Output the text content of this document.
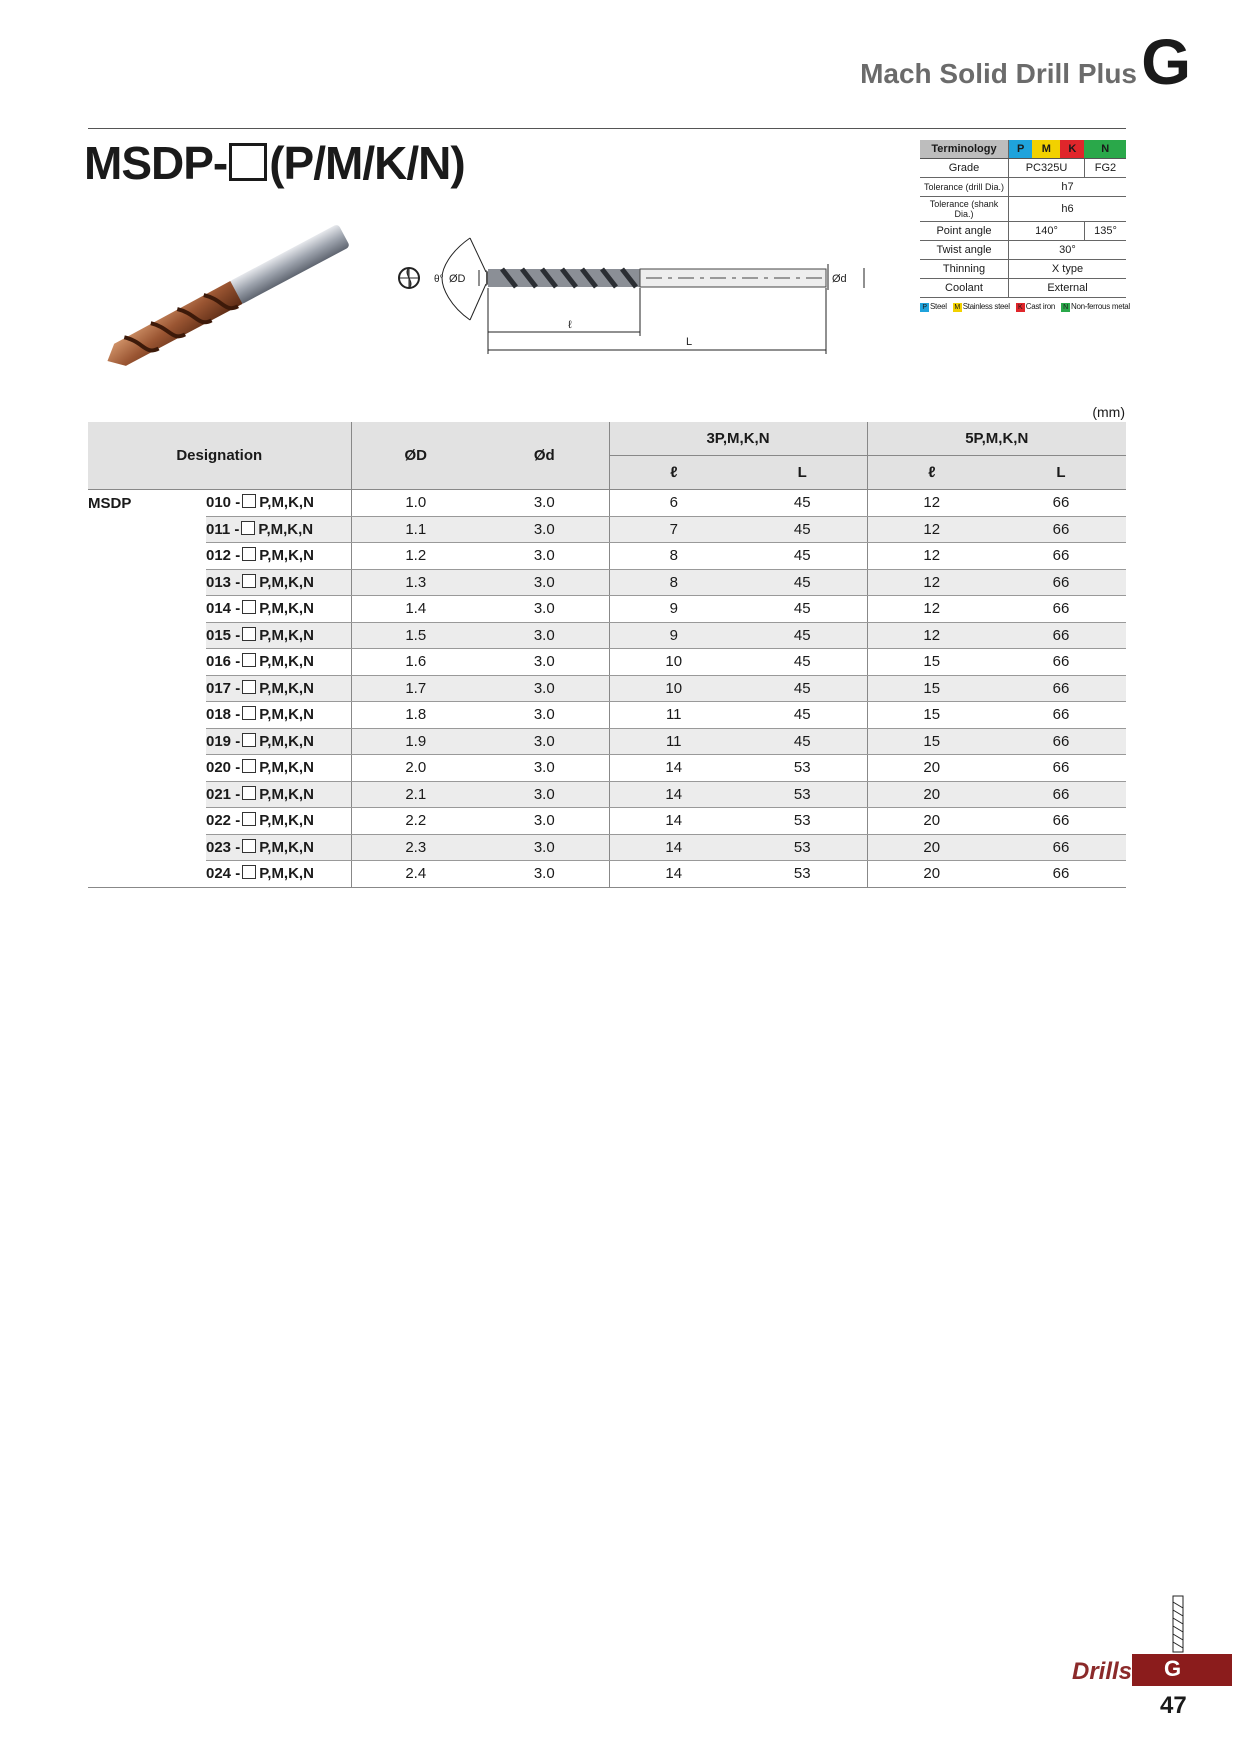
Mach Solid Drill Plus G
MSDP- (P/M/K/N)
θ° ØD	Ød
ℓ
L
Terminology	P	M	K	N
Grade	PC325U			FG2
Tolerance (drill Dia.)	h7			
Tolerance (shank Dia.)	h6			
Point angle	140°			135°
Twist angle	30°			
Thinning	X type			
Coolant	External			
P Steel M Stainless steel K Cast iron N Non-ferrous metal
(mm)
Designation		ØD	Ød	3P,M,K,N		5P,M,K,N	
				ℓ	L	ℓ	L
MSDP	010 - P,M,K,N	1.0	3.0	6	45	12	66
	011 - P,M,K,N	1.1	3.0	7	45	12	66
	012 - P,M,K,N	1.2	3.0	8	45	12	66
	013 - P,M,K,N	1.3	3.0	8	45	12	66
	014 - P,M,K,N	1.4	3.0	9	45	12	66
	015 - P,M,K,N	1.5	3.0	9	45	12	66
	016 - P,M,K,N	1.6	3.0	10	45	15	66
	017 - P,M,K,N	1.7	3.0	10	45	15	66
	018 - P,M,K,N	1.8	3.0	11	45	15	66
	019 - P,M,K,N	1.9	3.0	11	45	15	66
	020 - P,M,K,N	2.0	3.0	14	53	20	66
	021 - P,M,K,N	2.1	3.0	14	53	20	66
	022 - P,M,K,N	2.2	3.0	14	53	20	66
	023 - P,M,K,N	2.3	3.0	14	53	20	66
	024 - P,M,K,N	2.4	3.0	14	53	20	66
G
Drills
47
